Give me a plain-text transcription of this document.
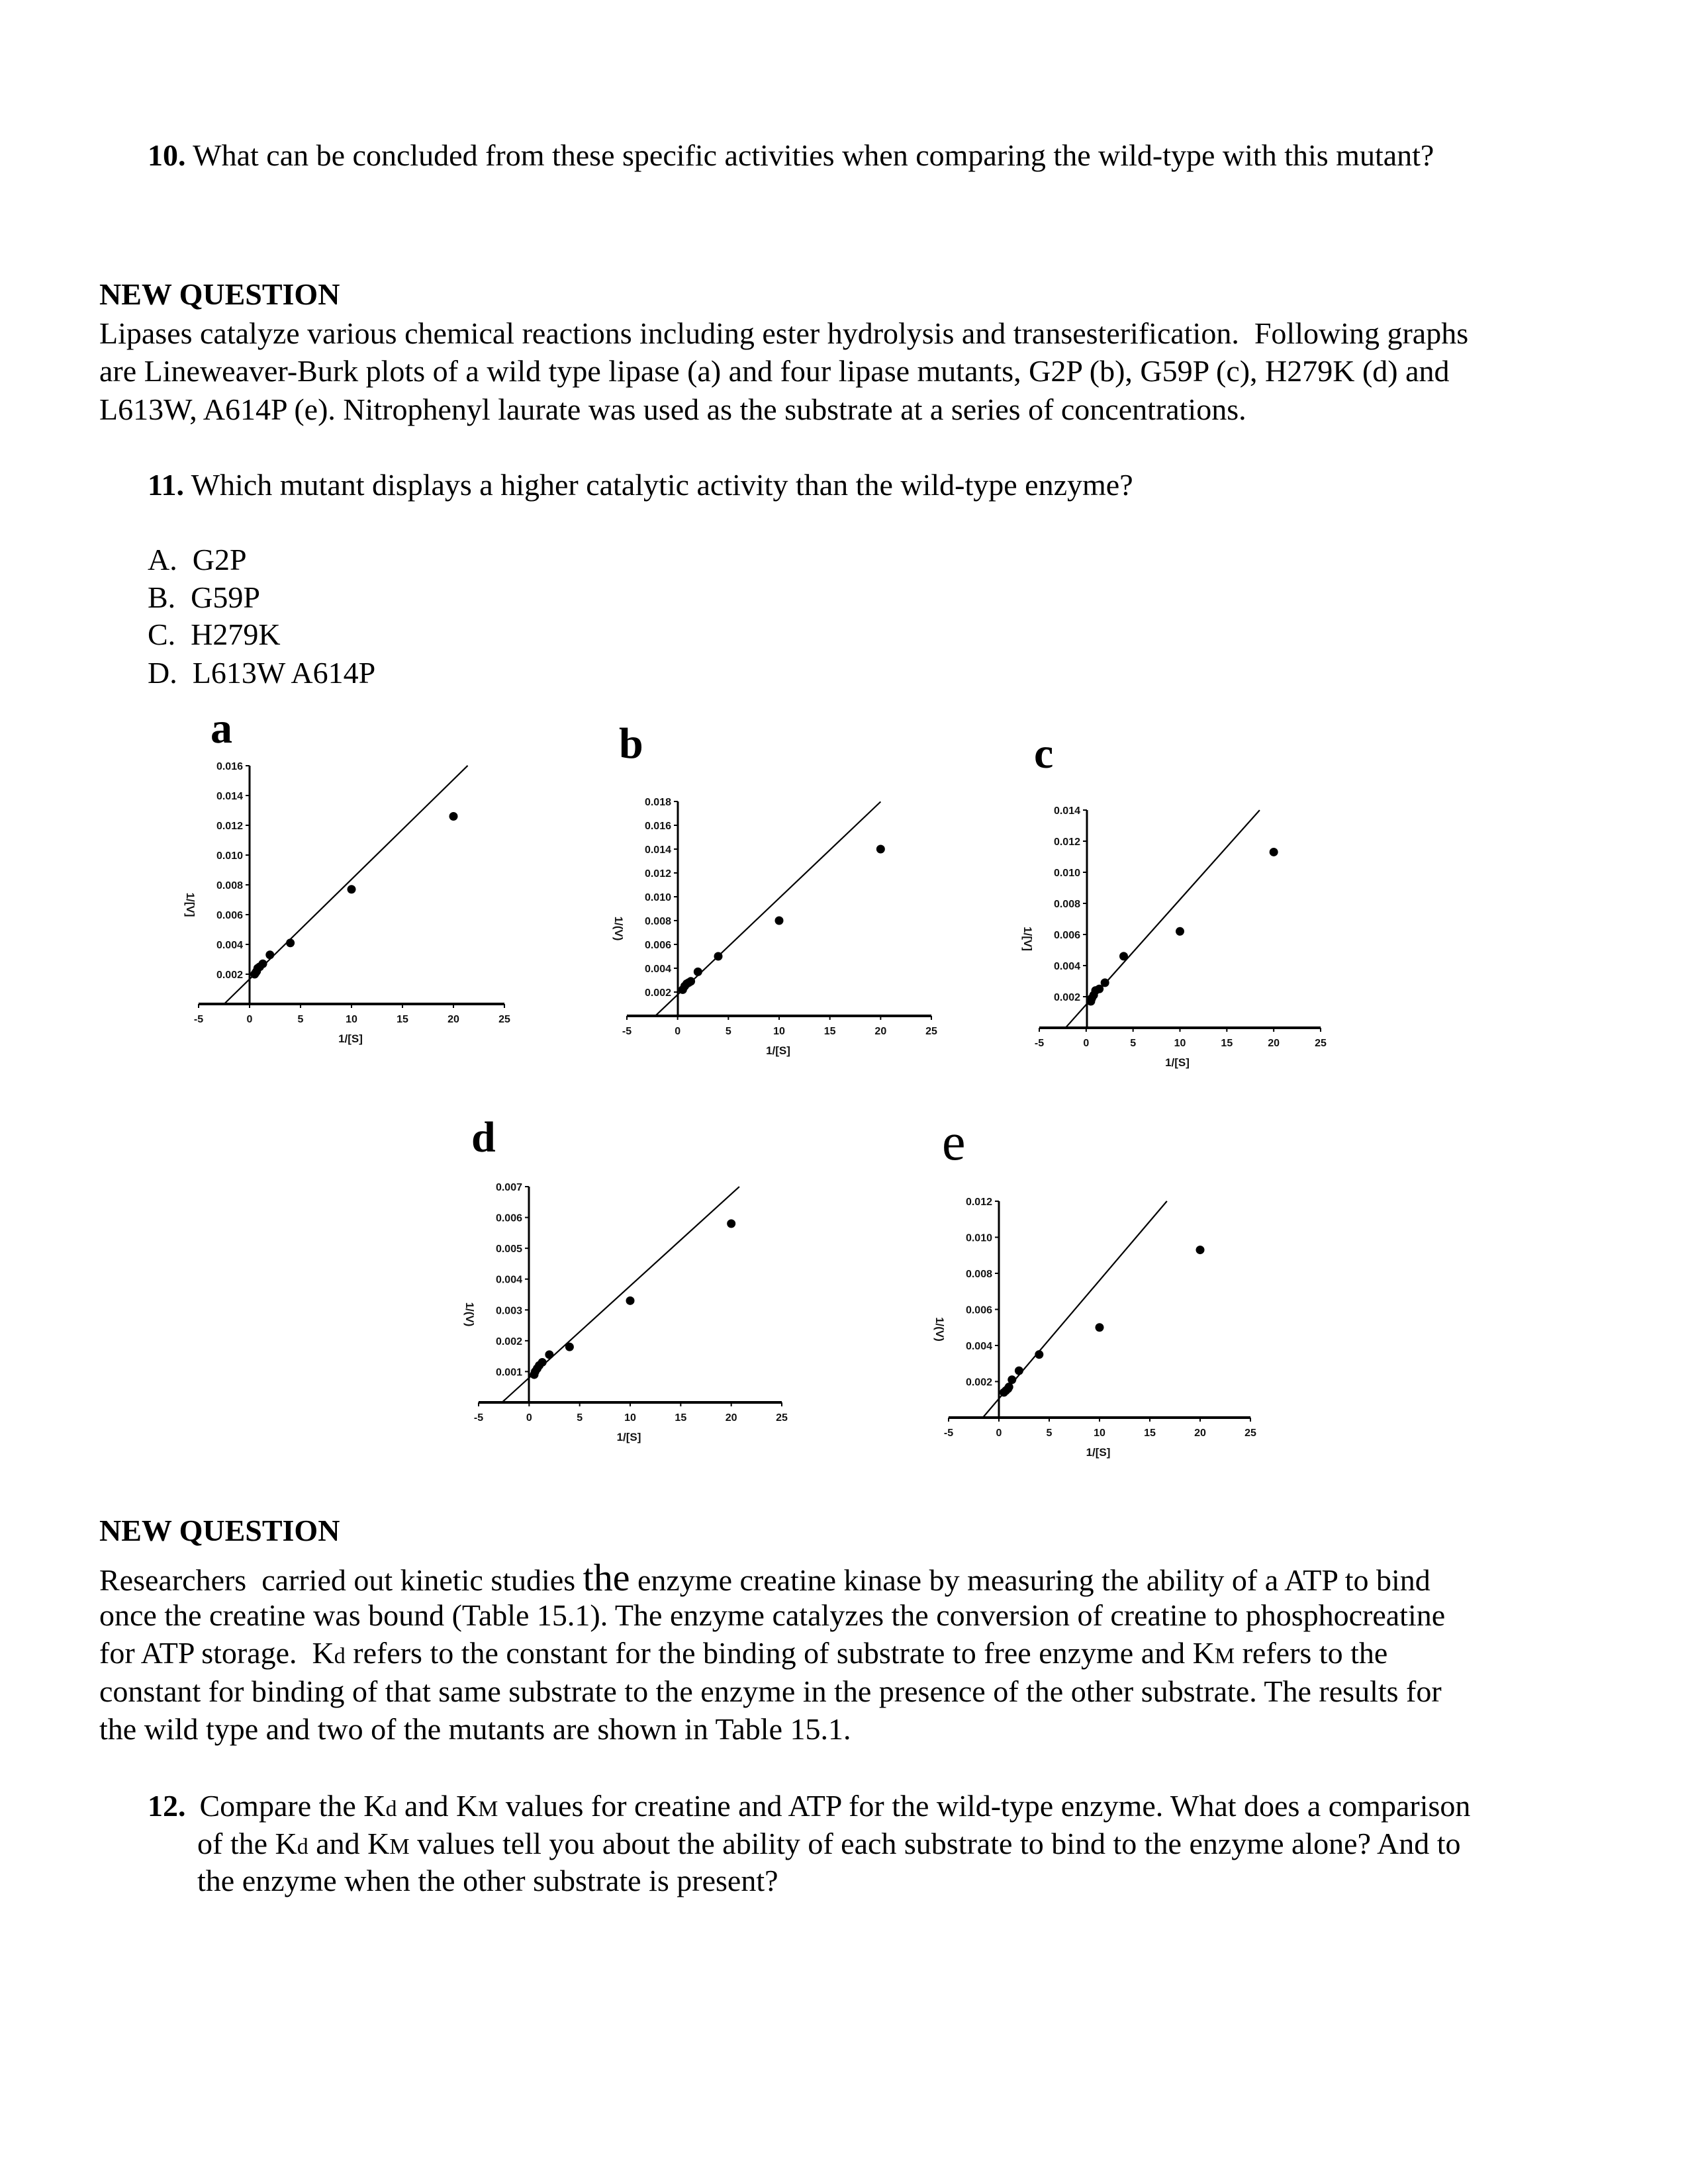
10. What can be concluded from these specific activities when comparing the wild-type with this mutant?
NEW QUESTION
Lipases catalyze various chemical reactions including ester hydrolysis and transesterification.  Following graphs
are Lineweaver-Burk plots of a wild type lipase (a) and four lipase mutants, G2P (b), G59P (c), H279K (d) and
L613W, A614P (e). Nitrophenyl laurate was used as the substrate at a series of concentrations.
11. Which mutant displays a higher catalytic activity than the wild-type enzyme?
A.  G2P
B.  G59P
C.  H279K
D.  L613W A614P
a
-5	0	5	10	15	20	25
0.002
0.004
0.006
0.008
0.010
0.012
0.014
0.016
1/[S]
1/[V]
b
-5	0	5	10	15	20	25
0.002
0.004
0.006
0.008
0.010
0.012
0.014
0.016
0.018
1/[S]
1/(V)
c
-5	0	5	10	15	20	25
0.002
0.004
0.006
0.008
0.010
0.012
0.014
1/[S]
1/[V]
d
-5	0	5	10	15	20	25
0.001
0.002
0.003
0.004
0.005
0.006
0.007
1/[S]
1/(V)
e
-5	0	5	10	15	20	25
0.002
0.004
0.006
0.008
0.010
0.012
1/[S]
1/(V)
NEW QUESTION
Researchers  carried out kinetic studies the enzyme creatine kinase by measuring the ability of a ATP to bind
once the creatine was bound (Table 15.1). The enzyme catalyzes the conversion of creatine to phosphocreatine
for ATP storage.  Kd refers to the constant for the binding of substrate to free enzyme and KM refers to the
constant for binding of that same substrate to the enzyme in the presence of the other substrate. The results for
the wild type and two of the mutants are shown in Table 15.1.
12. Compare the Kd and KM values for creatine and ATP for the wild-type enzyme. What does a comparison
of the Kd and KM values tell you about the ability of each substrate to bind to the enzyme alone? And to
the enzyme when the other substrate is present?
